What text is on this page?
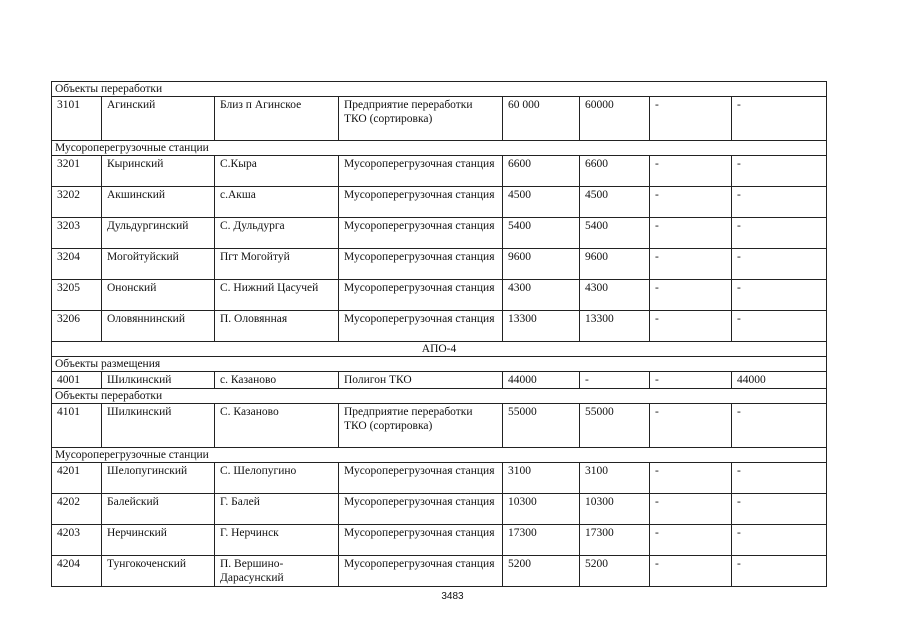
Объекты переработки							
3101	Агинский	Близ п Агинское	Предприятие переработки ТКО (сортировка)	60 000	60000	-	-
Мусороперегрузочные станции							
3201	Кыринский	С.Кыра	Мусороперегрузочная станция	6600	6600	-	-
3202	Акшинский	с.Акша	Мусороперегрузочная станция	4500	4500	-	-
3203	Дульдургинский	С. Дульдурга	Мусороперегрузочная станция	5400	5400	-	-
3204	Могойтуйский	Пгт Могойтуй	Мусороперегрузочная станция	9600	9600	-	-
3205	Ононский	С. Нижний Цасучей	Мусороперегрузочная станция	4300	4300	-	-
3206	Оловяннинский	П. Оловянная	Мусороперегрузочная станция	13300	13300	-	-
АПО-4							
Объекты размещения							
4001	Шилкинский	с. Казаново	Полигон ТКО	44000	-	-	44000
Объекты переработки							
4101	Шилкинский	С. Казаново	Предприятие переработки ТКО (сортировка)	55000	55000	-	-
Мусороперегрузочные станции							
4201	Шелопугинский	С. Шелопугино	Мусороперегрузочная станция	3100	3100	-	-
4202	Балейский	Г. Балей	Мусороперегрузочная станция	10300	10300	-	-
4203	Нерчинский	Г. Нерчинск	Мусороперегрузочная станция	17300	17300	-	-
4204	Тунгокоченский	П. Вершино-Дарасунский	Мусороперегрузочная станция	5200	5200	-	-
3483
